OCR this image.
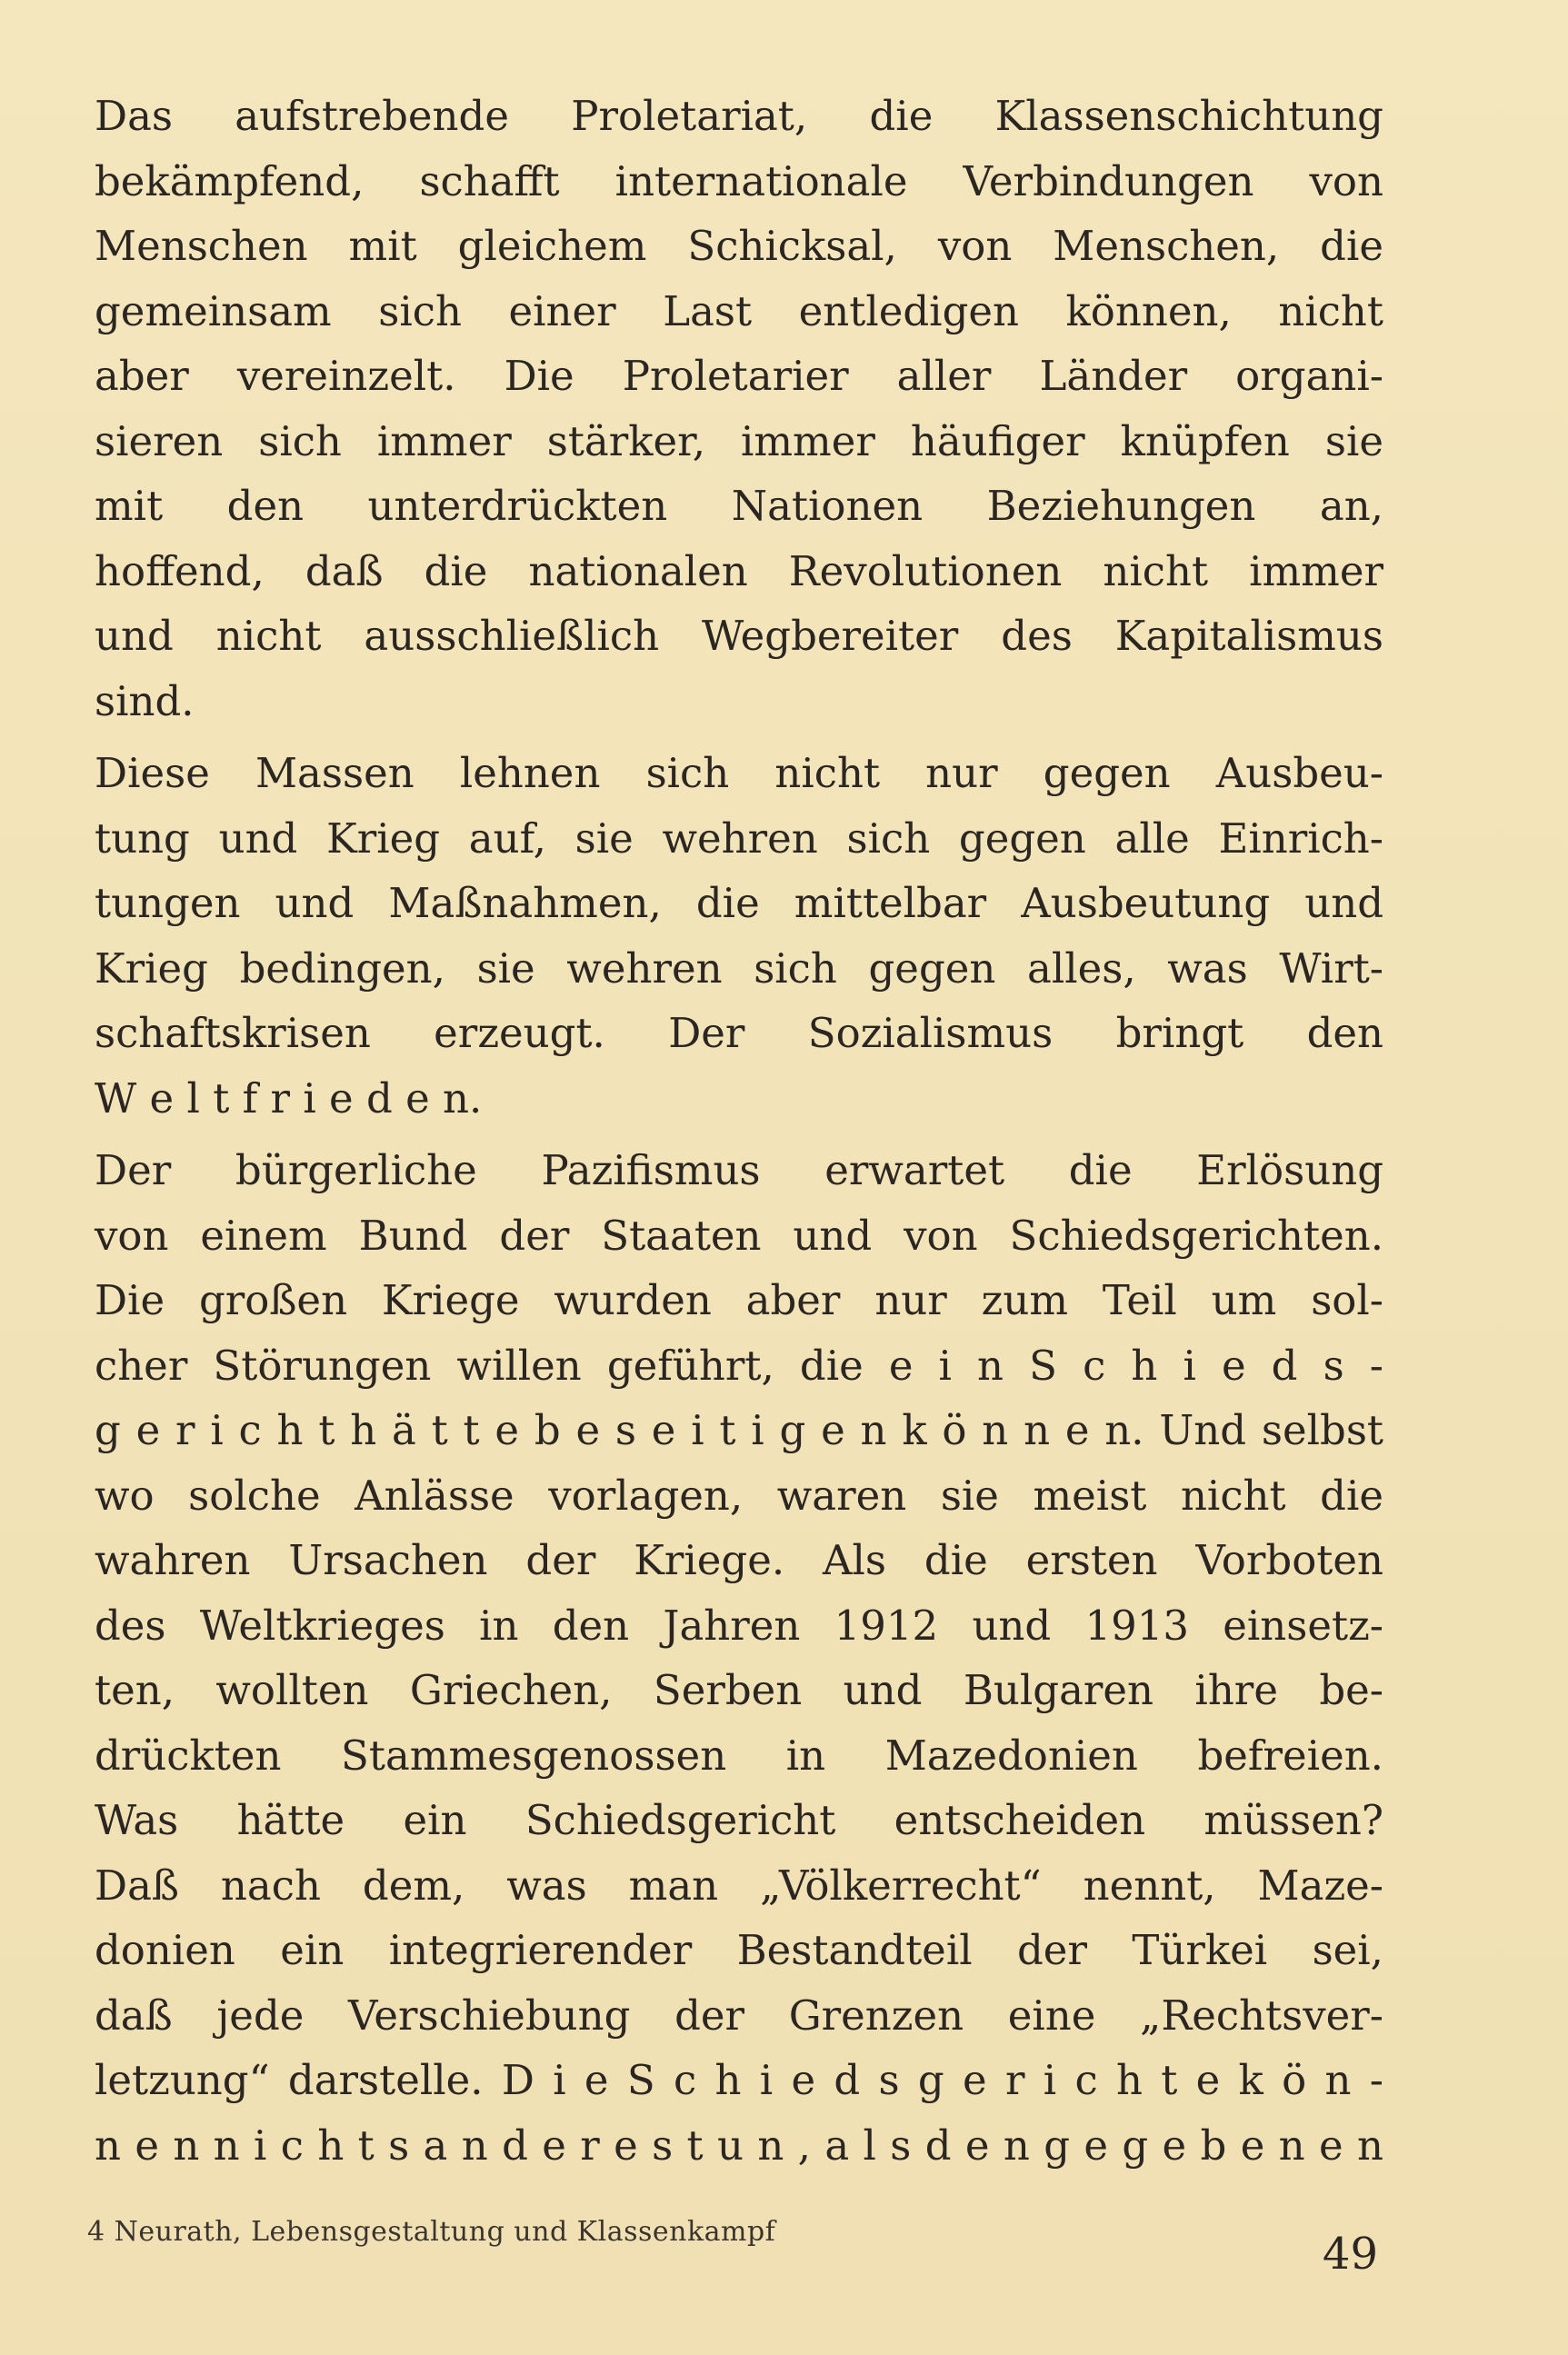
Das aufstrebende Proletariat, die Klassenschichtung
bekämpfend, schafft internationale Verbindungen von
Menschen mit gleichem Schicksal, von Menschen, die
gemeinsam sich einer Last entledigen können, nicht
aber vereinzelt. Die Proletarier aller Länder organi-
sieren sich immer stärker, immer häufiger knüpfen sie
mit den unterdrückten Nationen Beziehungen an,
hoffend, daß die nationalen Revolutionen nicht immer
und nicht ausschließlich Wegbereiter des Kapitalismus
sind.
Diese Massen lehnen sich nicht nur gegen Ausbeu-
tung und Krieg auf, sie wehren sich gegen alle Einrich-
tungen und Maßnahmen, die mittelbar Ausbeutung und
Krieg bedingen, sie wehren sich gegen alles, was Wirt-
schaftskrisen erzeugt. Der Sozialismus bringt den
W e l t f r i e d e n.
Der bürgerliche Pazifismus erwartet die Erlösung
von einem Bund der Staaten und von Schiedsgerichten.
Die großen Kriege wurden aber nur zum Teil um sol-
cher Störungen willen geführt, die e i n S c h i e d s -
g e r i c h t h ä t t e b e s e i t i g e n k ö n n e n. Und selbst
wo solche Anlässe vorlagen, waren sie meist nicht die
wahren Ursachen der Kriege. Als die ersten Vorboten
des Weltkrieges in den Jahren 1912 und 1913 einsetz-
ten, wollten Griechen, Serben und Bulgaren ihre be-
drückten Stammesgenossen in Mazedonien befreien.
Was hätte ein Schiedsgericht entscheiden müssen?
Daß nach dem, was man „Völkerrecht“ nennt, Maze-
donien ein integrierender Bestandteil der Türkei sei,
daß jede Verschiebung der Grenzen eine „Rechtsver-
letzung“ darstelle. D i e S c h i e d s g e r i c h t e k ö n -
n e n n i c h t s a n d e r e s t u n , a l s d e n g e g e b e n e n
4 Neurath, Lebensgestaltung und Klassenkampf	49
